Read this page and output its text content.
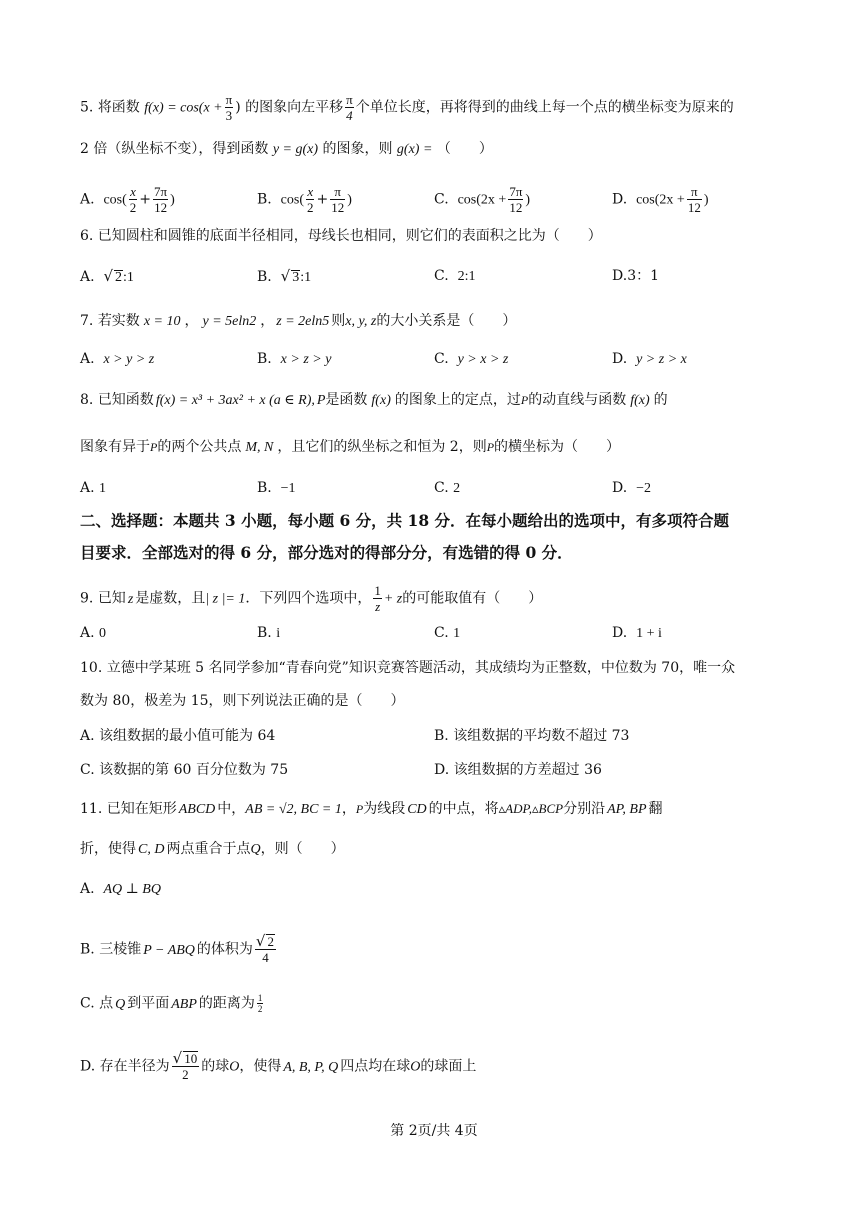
5. 将函数 $f(x) = \cos(x + \frac{\pi}{3}$ ) 的图象向左平移 $\frac{\pi}{4}$ 个单位长度，再将得到的曲线上每一个点的横坐标变为原来的
2 倍（纵坐标不变），得到函数 y = g(x) 的图象，则 g(x) = （　　）
A. $\cos( \frac{x}{2} + \frac{7\pi}{12}$ )	B. $\cos( \frac{x}{2} + \frac{\pi}{12}$ )	C. $\cos(2x + \frac{7\pi}{12}$ )	D. $\cos(2x + \frac{\pi}{12}$ )
6. 已知圆柱和圆锥的底面半径相同，母线长也相同，则它们的表面积之比为（　　）
A. √ 2:1	B. √ 3:1	C. 2:1	D.3：1
7. 若实数 x = 10 ， y = 5eln2 ， z = 2eln5 则x, y, z的大小关系是（　　）
A. x > y > z	B. x > z > y	C. y > x > z	D. y > z > x
8. 已知函数 f(x) = x³ + 3ax² + x (a ∈ R), P是函数 f(x) 的图象上的定点，过P的动直线与函数 f(x) 的
图象有异于P的两个公共点 M, N ，且它们的纵坐标之和恒为 2，则P的横坐标为（　　）
A. 1	B. −1	C. 2	D. −2
二、选择题：本题共 3 小题，每小题 6 分，共 18 分．在每小题给出的选项中，有多项符合题
目要求．全部选对的得 6 分，部分选对的得部分分，有选错的得 0 分．
9. 已知 z 是虚数，且| z |= 1．下列四个选项中， $\frac{1}{z} + z$的可能取值有（　　）
A. 0	B. i	C. 1	D. 1 + i
10. 立德中学某班 5 名同学参加“青春向党”知识竞赛答题活动，其成绩均为正整数，中位数为 70，唯一众
数为 80，极差为 15，则下列说法正确的是（　　）
A. 该组数据的最小值可能为 64	B. 该组数据的平均数不超过 73
C. 该数据的第 60 百分位数为 75	D. 该组数据的方差超过 36
11. 已知在矩形 ABCD 中，AB = √2, BC = 1，P为线段 CD 的中点，将▵ADP,▵BCP分别沿 AP, BP 翻
折，使得 C, D 两点重合于点Q，则（　　）
A. AQ ⊥ BQ
B. 三棱锥 P − ABQ 的体积为 $\frac{√ 2}{4}$
C. 点 Q 到平面 ABP 的距离为 $\frac{1}{2}$
D. 存在半径为 $\frac{√ 10}{2}$ 的球O，使得 A, B, P, Q 四点均在球O的球面上
第 2页/共 4页
